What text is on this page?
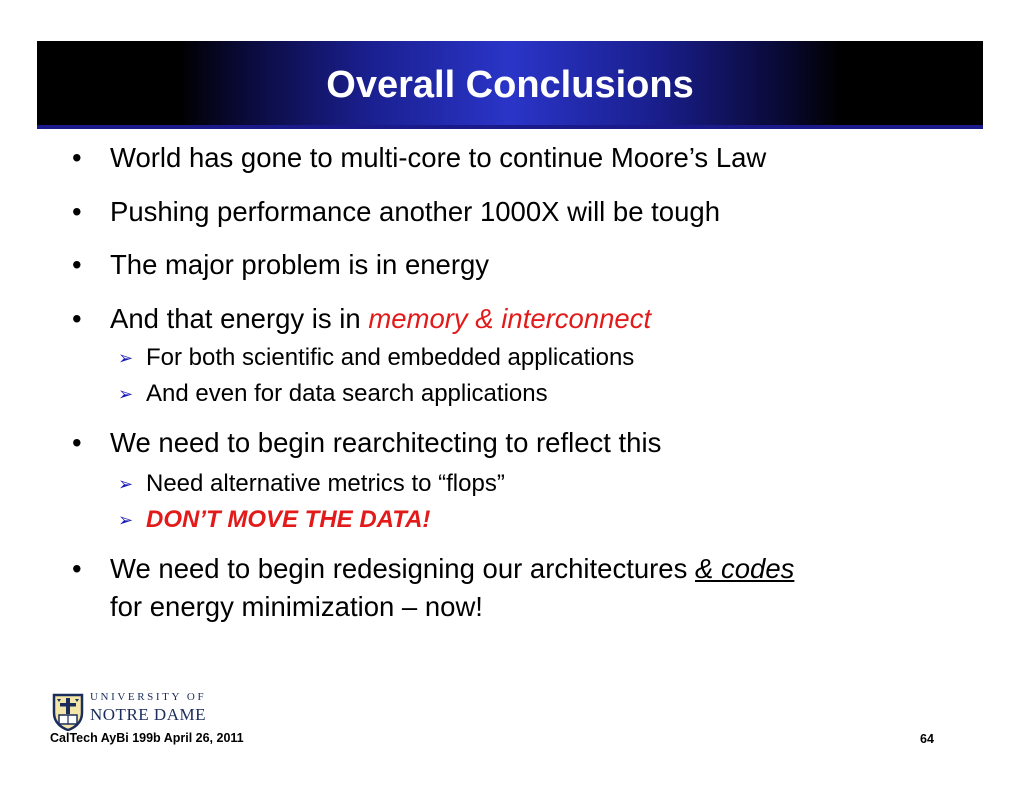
Overall Conclusions
•	World has gone to multi-core to continue Moore’s Law
•	Pushing performance another 1000X will be tough
•	The major problem is in energy
•	And that energy is in memory & interconnect
➢ For both scientific and embedded applications
➢ And even for data search applications
•	We need to begin rearchitecting to reflect this
➢ Need alternative metrics to “flops”
➢ DON’T MOVE THE DATA!
•	We need to begin redesigning our architectures & codes
for energy minimization – now!
UNIVERSITY OF
NOTRE DAME
CalTech AyBi 199b April 26, 2011	64
